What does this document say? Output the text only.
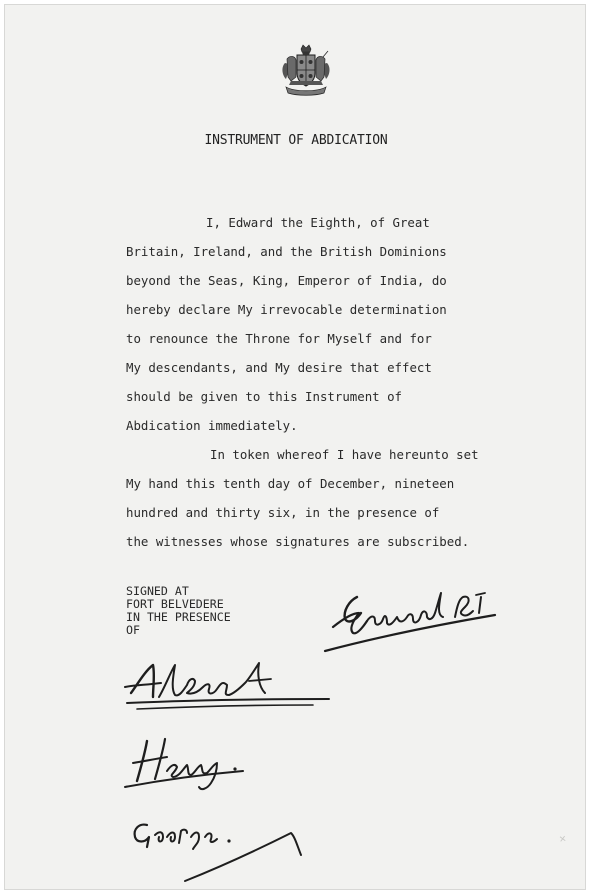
INSTRUMENT OF ABDICATION
I, Edward the Eighth, of Great
Britain, Ireland, and the British Dominions
beyond the Seas, King, Emperor of India, do
hereby declare My irrevocable determination
to renounce the Throne for Myself and for
My descendants, and My desire that effect
should be given to this Instrument of
Abdication immediately.
In token whereof I have hereunto set
My hand this tenth day of December, nineteen
hundred and thirty six, in the presence of
the witnesses whose signatures are subscribed.
SIGNED AT
FORT BELVEDERE
IN THE PRESENCE
OF
✕
